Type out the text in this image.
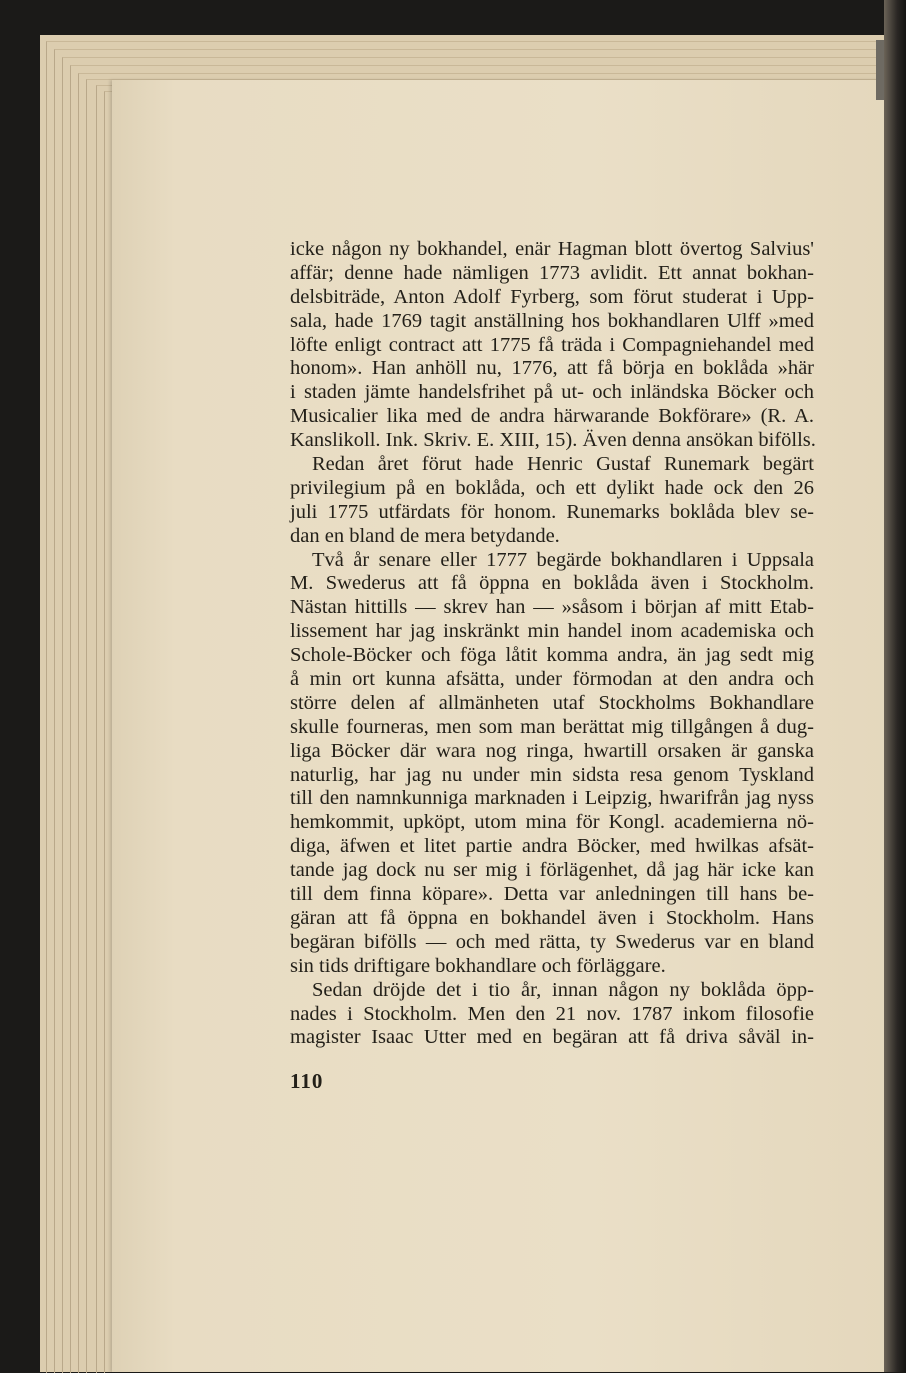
icke någon ny bokhandel, enär Hagman blott övertog Salvius'
affär; denne hade nämligen 1773 avlidit. Ett annat bokhan-
delsbiträde, Anton Adolf Fyrberg, som förut studerat i Upp-
sala, hade 1769 tagit anställning hos bokhandlaren Ulff »med
löfte enligt contract att 1775 få träda i Compagniehandel med
honom». Han anhöll nu, 1776, att få börja en boklåda »här
i staden jämte handelsfrihet på ut- och inländska Böcker och
Musicalier lika med de andra härwarande Bokförare» (R. A.
Kanslikoll. Ink. Skriv. E. XIII, 15). Även denna ansökan bifölls.
Redan året förut hade Henric Gustaf Runemark begärt
privilegium på en boklåda, och ett dylikt hade ock den 26
juli 1775 utfärdats för honom. Runemarks boklåda blev se-
dan en bland de mera betydande.
Två år senare eller 1777 begärde bokhandlaren i Uppsala
M. Swederus att få öppna en boklåda även i Stockholm.
Nästan hittills — skrev han — »såsom i början af mitt Etab-
lissement har jag inskränkt min handel inom academiska och
Schole-Böcker och föga låtit komma andra, än jag sedt mig
å min ort kunna afsätta, under förmodan at den andra och
större delen af allmänheten utaf Stockholms Bokhandlare
skulle fourneras, men som man berättat mig tillgången å dug-
liga Böcker där wara nog ringa, hwartill orsaken är ganska
naturlig, har jag nu under min sidsta resa genom Tyskland
till den namnkunniga marknaden i Leipzig, hwarifrån jag nyss
hemkommit, upköpt, utom mina för Kongl. academierna nö-
diga, äfwen et litet partie andra Böcker, med hwilkas afsät-
tande jag dock nu ser mig i förlägenhet, då jag här icke kan
till dem finna köpare». Detta var anledningen till hans be-
gäran att få öppna en bokhandel även i Stockholm. Hans
begäran bifölls — och med rätta, ty Swederus var en bland
sin tids driftigare bokhandlare och förläggare.
Sedan dröjde det i tio år, innan någon ny boklåda öpp-
nades i Stockholm. Men den 21 nov. 1787 inkom filosofie
magister Isaac Utter med en begäran att få driva såväl in-
110
